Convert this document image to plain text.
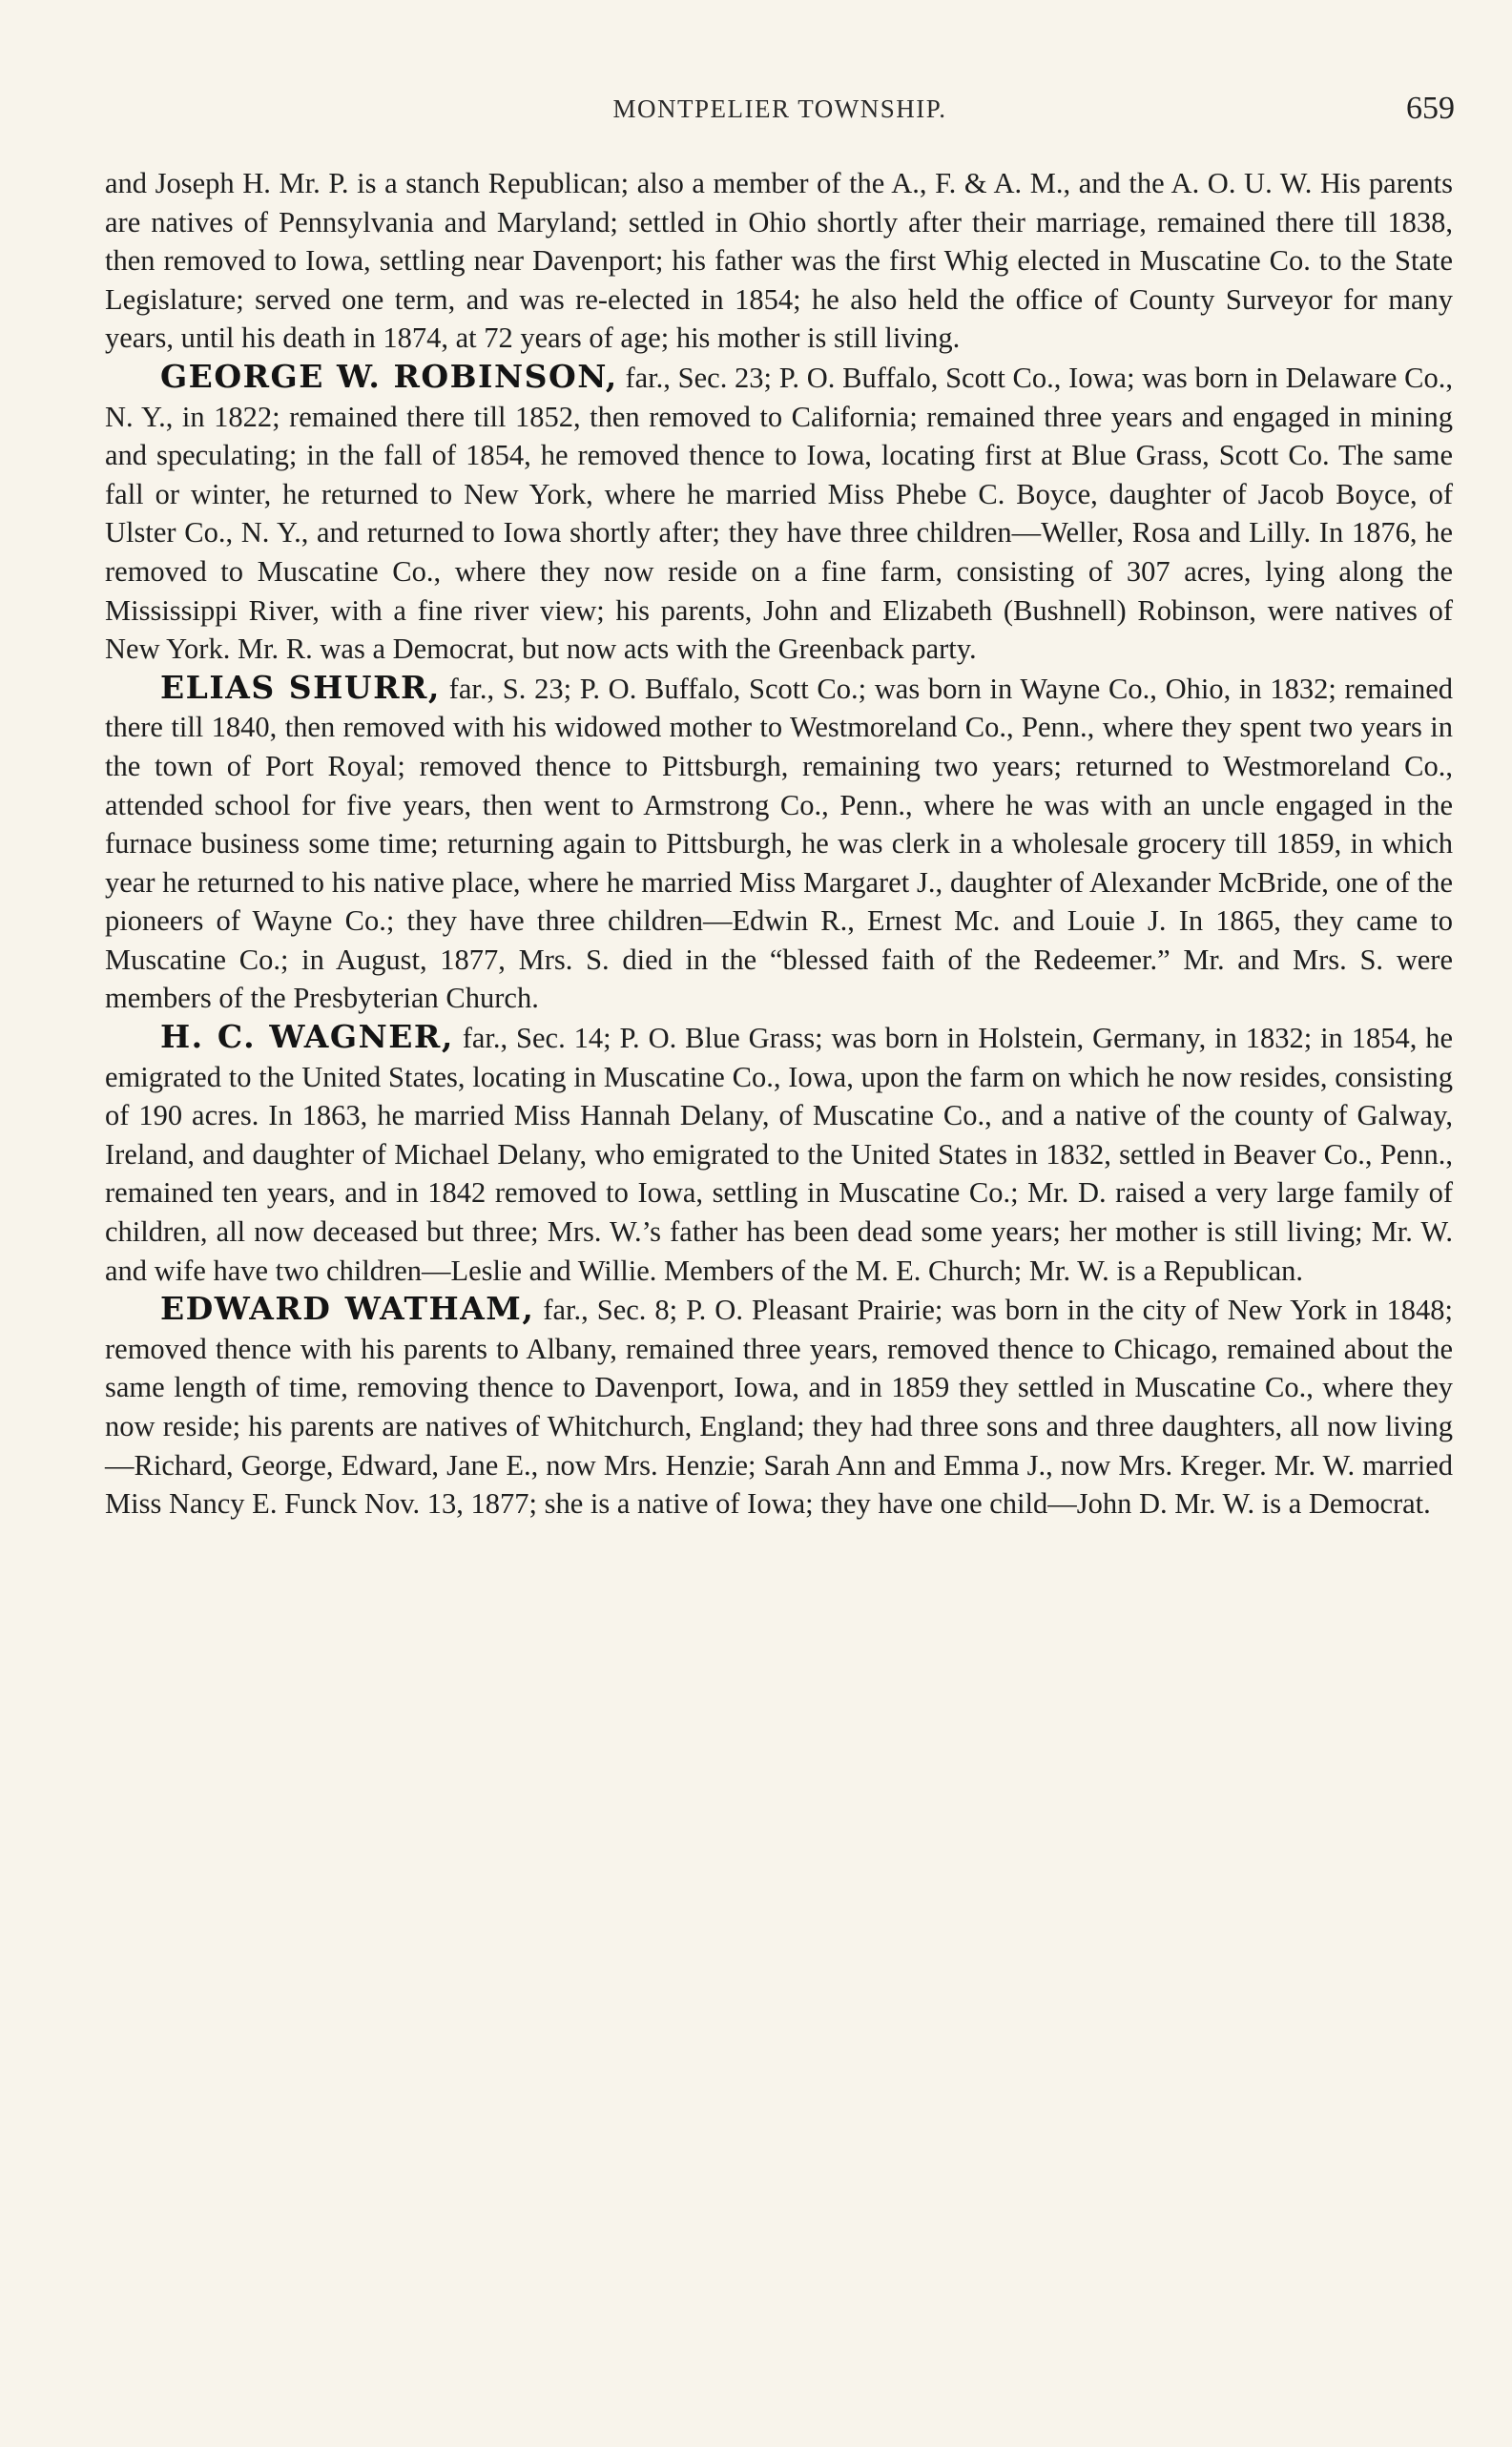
MONTPELIER TOWNSHIP.	659

and Joseph H. Mr. P. is a stanch Republican; also a member of the A., F. & A. M., and the A. O. U. W. His parents are natives of Pennsylvania and Maryland; settled in Ohio shortly after their marriage, remained there till 1838, then removed to Iowa, settling near Davenport; his father was the first Whig elected in Muscatine Co. to the State Legislature; served one term, and was re-elected in 1854; he also held the office of County Surveyor for many years, until his death in 1874, at 72 years of age; his mother is still living.

GEORGE W. ROBINSON, far., Sec. 23; P. O. Buffalo, Scott Co., Iowa; was born in Delaware Co., N. Y., in 1822; remained there till 1852, then removed to California; remained three years and engaged in mining and speculating; in the fall of 1854, he removed thence to Iowa, locating first at Blue Grass, Scott Co. The same fall or winter, he returned to New York, where he married Miss Phebe C. Boyce, daughter of Jacob Boyce, of Ulster Co., N. Y., and returned to Iowa shortly after; they have three children—Weller, Rosa and Lilly. In 1876, he removed to Muscatine Co., where they now reside on a fine farm, consisting of 307 acres, lying along the Mississippi River, with a fine river view; his parents, John and Elizabeth (Bushnell) Robinson, were natives of New York. Mr. R. was a Democrat, but now acts with the Greenback party.

ELIAS SHURR, far., S. 23; P. O. Buffalo, Scott Co.; was born in Wayne Co., Ohio, in 1832; remained there till 1840, then removed with his widowed mother to Westmoreland Co., Penn., where they spent two years in the town of Port Royal; removed thence to Pittsburgh, remaining two years; returned to Westmoreland Co., attended school for five years, then went to Armstrong Co., Penn., where he was with an uncle engaged in the furnace business some time; returning again to Pittsburgh, he was clerk in a wholesale grocery till 1859, in which year he returned to his native place, where he married Miss Margaret J., daughter of Alexander McBride, one of the pioneers of Wayne Co.; they have three children—Edwin R., Ernest Mc. and Louie J. In 1865, they came to Muscatine Co.; in August, 1877, Mrs. S. died in the “blessed faith of the Redeemer.” Mr. and Mrs. S. were members of the Presbyterian Church.

H. C. WAGNER, far., Sec. 14; P. O. Blue Grass; was born in Holstein, Germany, in 1832; in 1854, he emigrated to the United States, locating in Muscatine Co., Iowa, upon the farm on which he now resides, consisting of 190 acres. In 1863, he married Miss Hannah Delany, of Muscatine Co., and a native of the county of Galway, Ireland, and daughter of Michael Delany, who emigrated to the United States in 1832, settled in Beaver Co., Penn., remained ten years, and in 1842 removed to Iowa, settling in Muscatine Co.; Mr. D. raised a very large family of children, all now deceased but three; Mrs. W.’s father has been dead some years; her mother is still living; Mr. W. and wife have two children—Leslie and Willie. Members of the M. E. Church; Mr. W. is a Republican.

EDWARD WATHAM, far., Sec. 8; P. O. Pleasant Prairie; was born in the city of New York in 1848; removed thence with his parents to Albany, remained three years, removed thence to Chicago, remained about the same length of time, removing thence to Davenport, Iowa, and in 1859 they settled in Muscatine Co., where they now reside; his parents are natives of Whitchurch, England; they had three sons and three daughters, all now living—Richard, George, Edward, Jane E., now Mrs. Henzie; Sarah Ann and Emma J., now Mrs. Kreger. Mr. W. married Miss Nancy E. Funck Nov. 13, 1877; she is a native of Iowa; they have one child—John D. Mr. W. is a Democrat.
